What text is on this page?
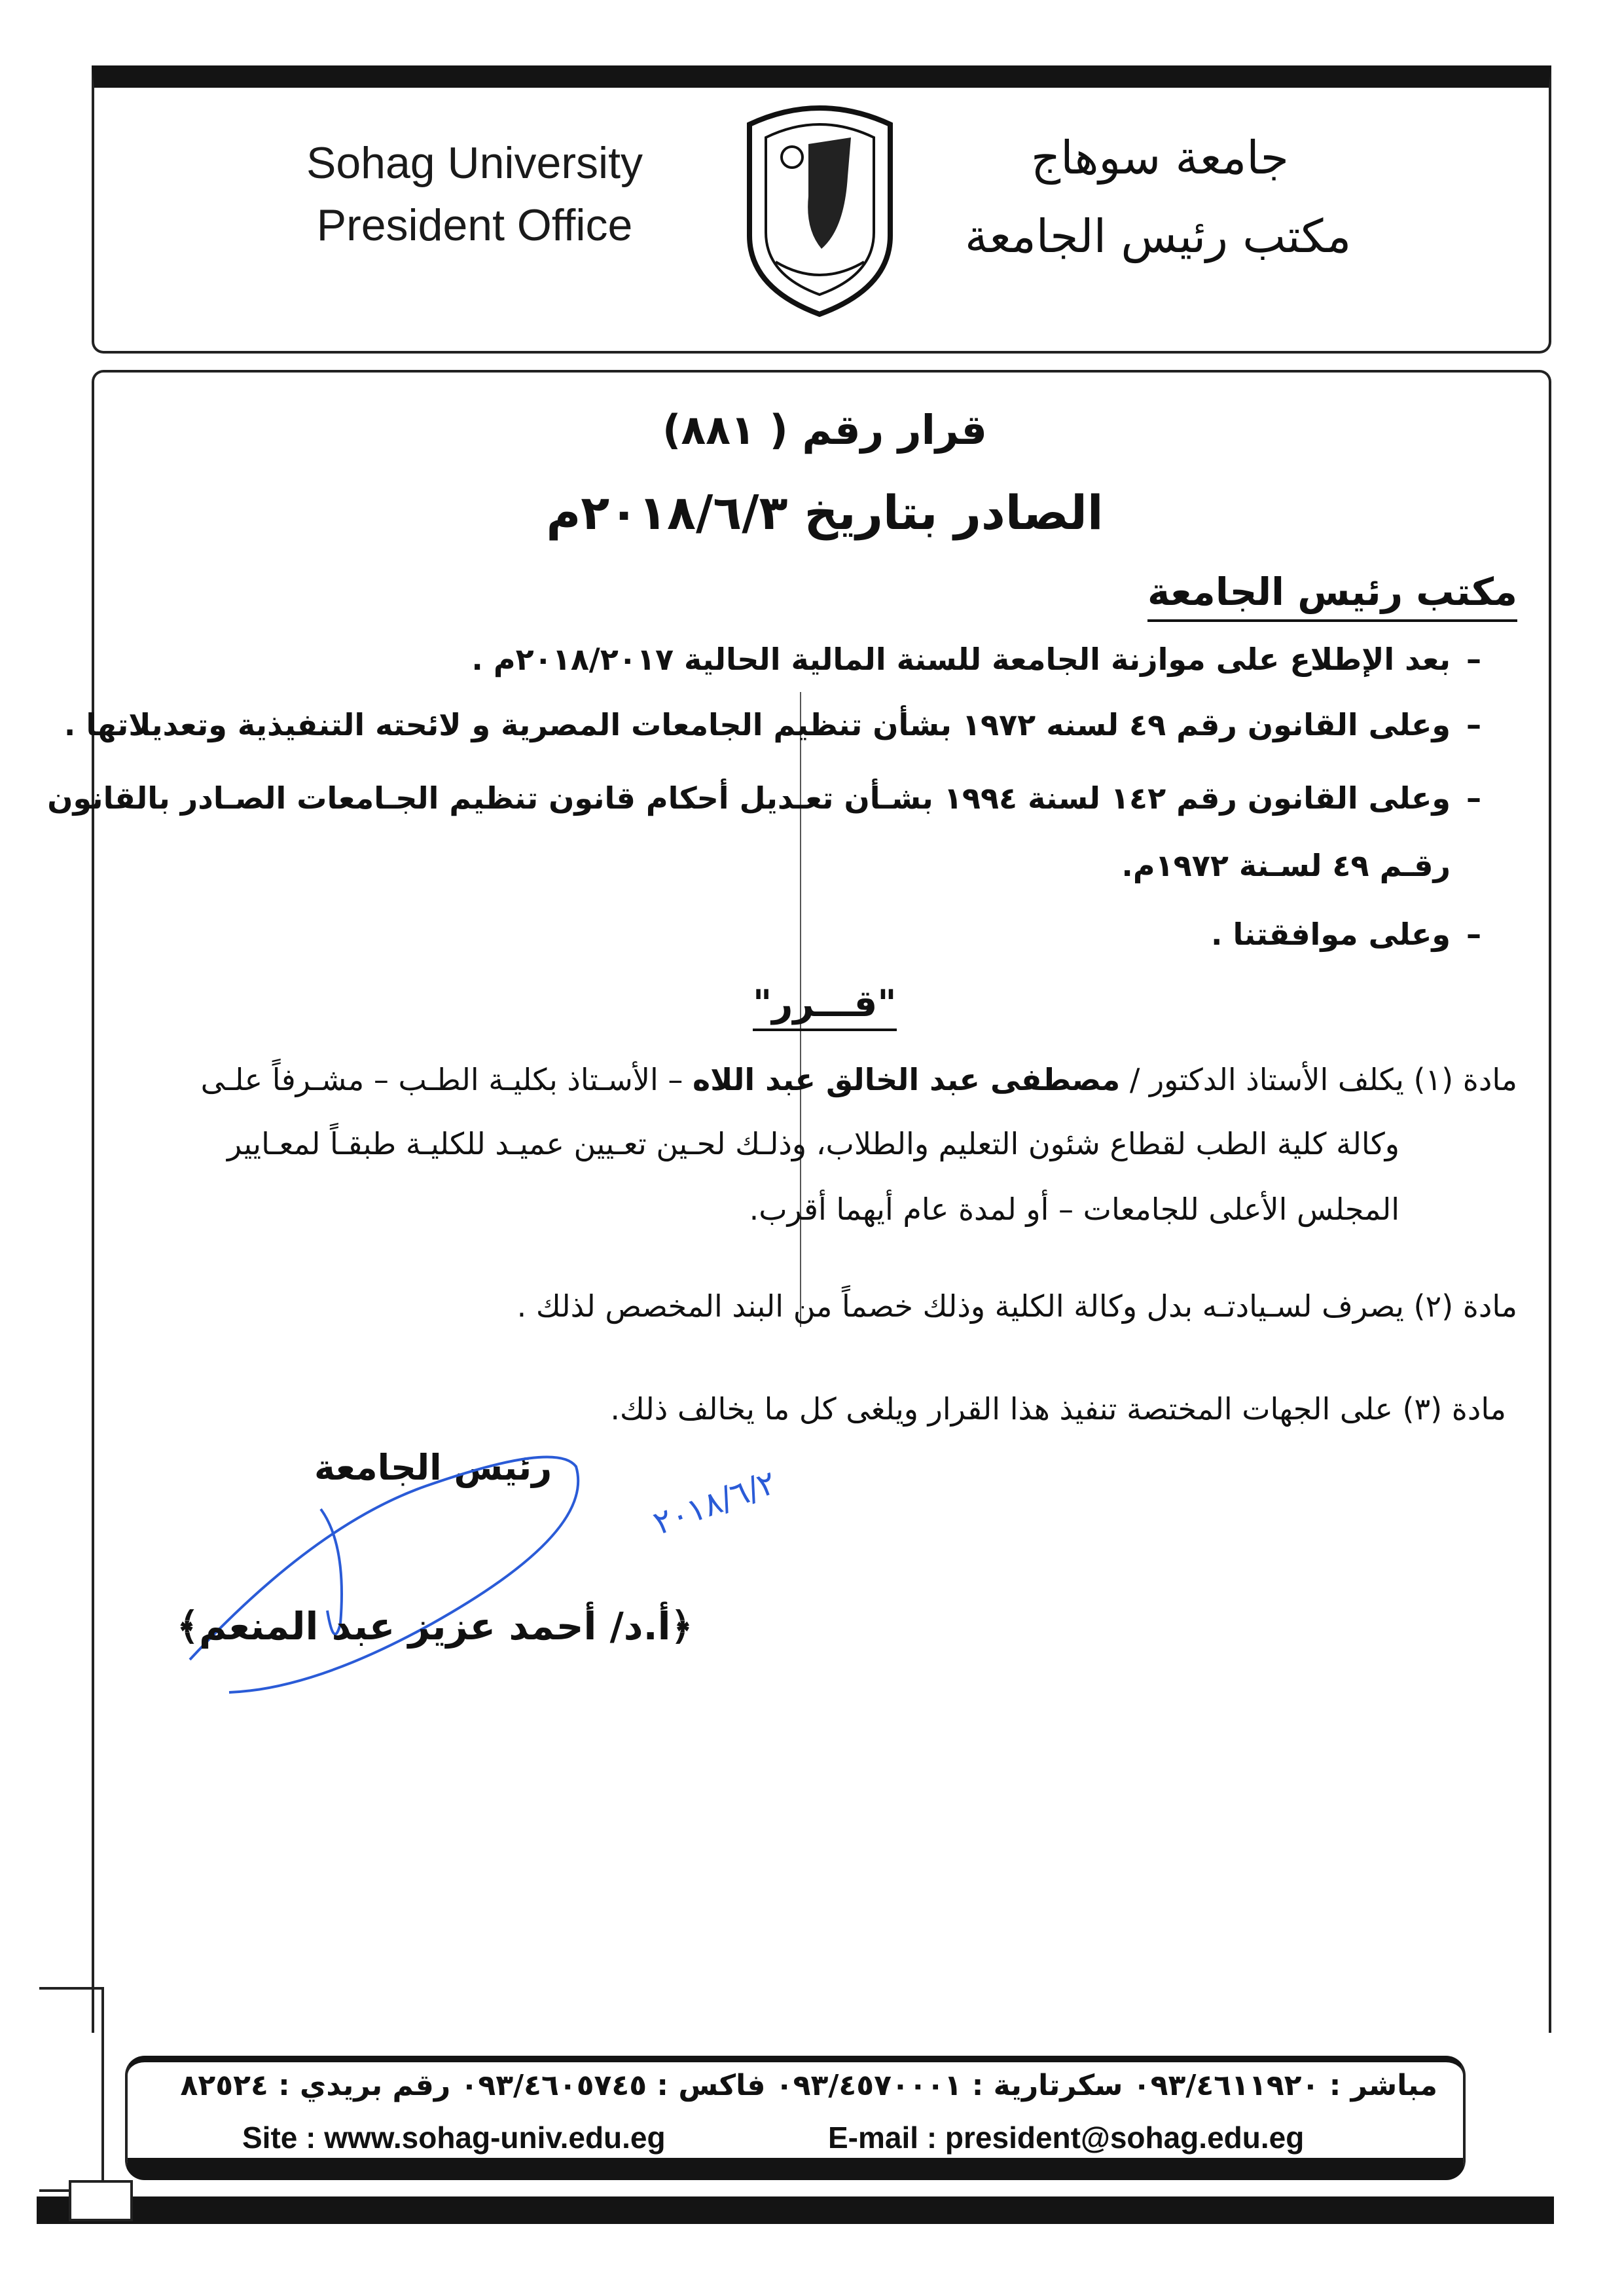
Sohag University
President Office
جامعة سوهاج
مكتب رئيس الجامعة
قرار رقم ( ٨٨١)
الصادر بتاريخ ٢٠١٨/٦/٣م
مكتب رئيس الجامعة
–
بعد الإطلاع على موازنة الجامعة للسنة المالية الحالية ٢٠١٨/٢٠١٧م .
–
وعلى القانون رقم ٤٩ لسنه ١٩٧٢ بشأن تنظيم الجامعات المصرية و لائحته التنفيذية وتعديلاتها .
–
وعلى القانون رقم ١٤٢ لسنة ١٩٩٤ بشـأن تعـديل أحكام قانون تنظيم الجـامعات الصـادر بالقانون
رقـم ٤٩ لسـنة ١٩٧٢م.
–
وعلى موافقتنا .
"قـــرر"
مادة (١) يكلف الأستاذ الدكتور / مصطفى عبد الخالق عبد اللاه – الأسـتاذ بكليـة الطـب – مشـرفاً علـى
وكالة كلية الطب لقطاع شئون التعليم والطلاب، وذلـك لحـين تعـيين عميـد للكليـة طبقـاً لمعـايير
المجلس الأعلى للجامعات – أو لمدة عام أيهما أقرب.
مادة (٢) يصرف لسـيادتـه بدل وكالة الكلية وذلك خصماً من البند المخصص لذلك .
مادة (٣) على الجهات المختصة تنفيذ هذا القرار ويلغى كل ما يخالف ذلك.
رئيس الجامعة	٢٠١٨/٦/٢
﴿أ.د/ أحمد عزيز عبد المنعم﴾
مباشر : ٠٩٣/٤٦١١٩٢٠ سكرتارية : ٠٩٣/٤٥٧٠٠٠١ فاكس : ٠٩٣/٤٦٠٥٧٤٥ رقم بريدي : ٨٢٥٢٤
Site : www.sohag-univ.edu.eg	E-mail : president@sohag.edu.eg
